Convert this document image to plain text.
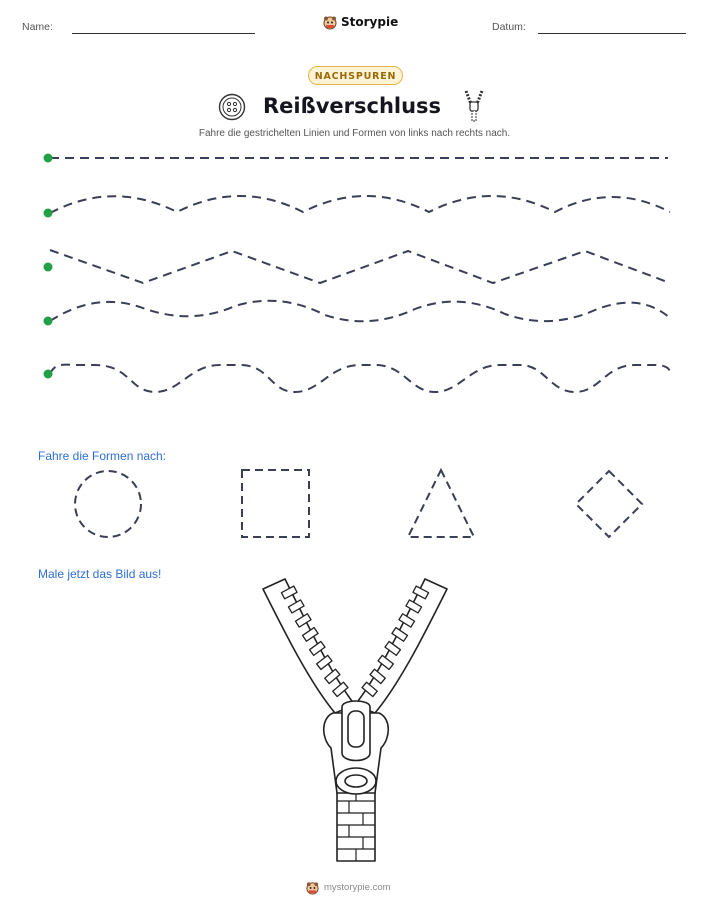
Name:	Storypie	Datum:
NACHSPUREN
Reißverschluss
Fahre die gestrichelten Linien und Formen von links nach rechts nach.
Fahre die Formen nach:
Male jetzt das Bild aus!
mystorypie.com
